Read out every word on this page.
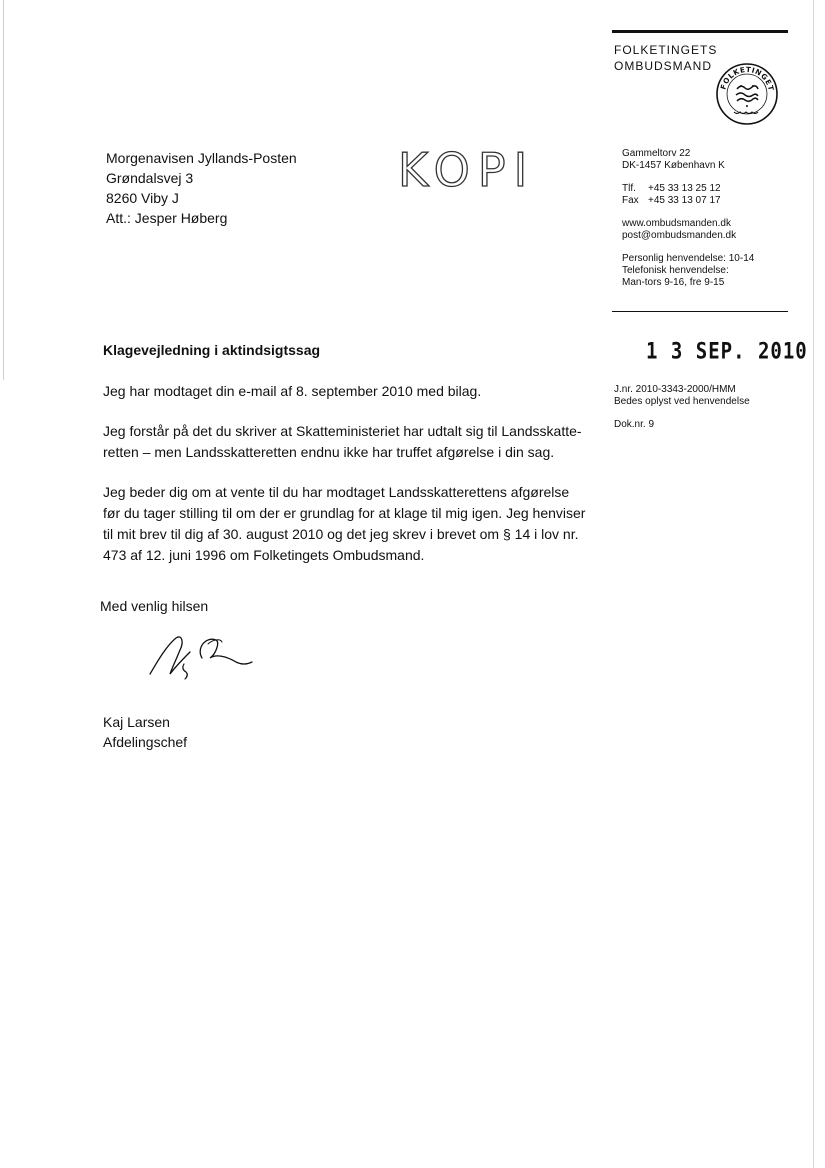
FOLKETINGETS
OMBUDSMAND
FOLKETINGET
Morgenavisen Jyllands-Posten
Grøndalsvej 3
8260 Viby J
Att.: Jesper Høberg
KOPI	Gammeltorv 22
DK-1457 København K
Tlf. +45 33 13 25 12
Fax +45 33 13 07 17
www.ombudsmanden.dk
post@ombudsmanden.dk
Personlig henvendelse: 10-14
Telefonisk henvendelse:
Man-tors 9-16, fre 9-15
1 3 SEP. 2010
J.nr. 2010-3343-2000/HMM
Bedes oplyst ved henvendelse
Dok.nr. 9
Klagevejledning i aktindsigtssag

Jeg har modtaget din e-mail af 8. september 2010 med bilag.

Jeg forstår på det du skriver at Skatteministeriet har udtalt sig til Landsskatte-

retten – men Landsskatteretten endnu ikke har truffet afgørelse i din sag.

Jeg beder dig om at vente til du har modtaget Landsskatterettens afgørelse

før du tager stilling til om der er grundlag for at klage til mig igen. Jeg henviser

til mit brev til dig af 30. august 2010 og det jeg skrev i brevet om § 14 i lov nr.

473 af 12. juni 1996 om Folketingets Ombudsmand.

Med venlig hilsen
Kaj Larsen
Afdelingschef
